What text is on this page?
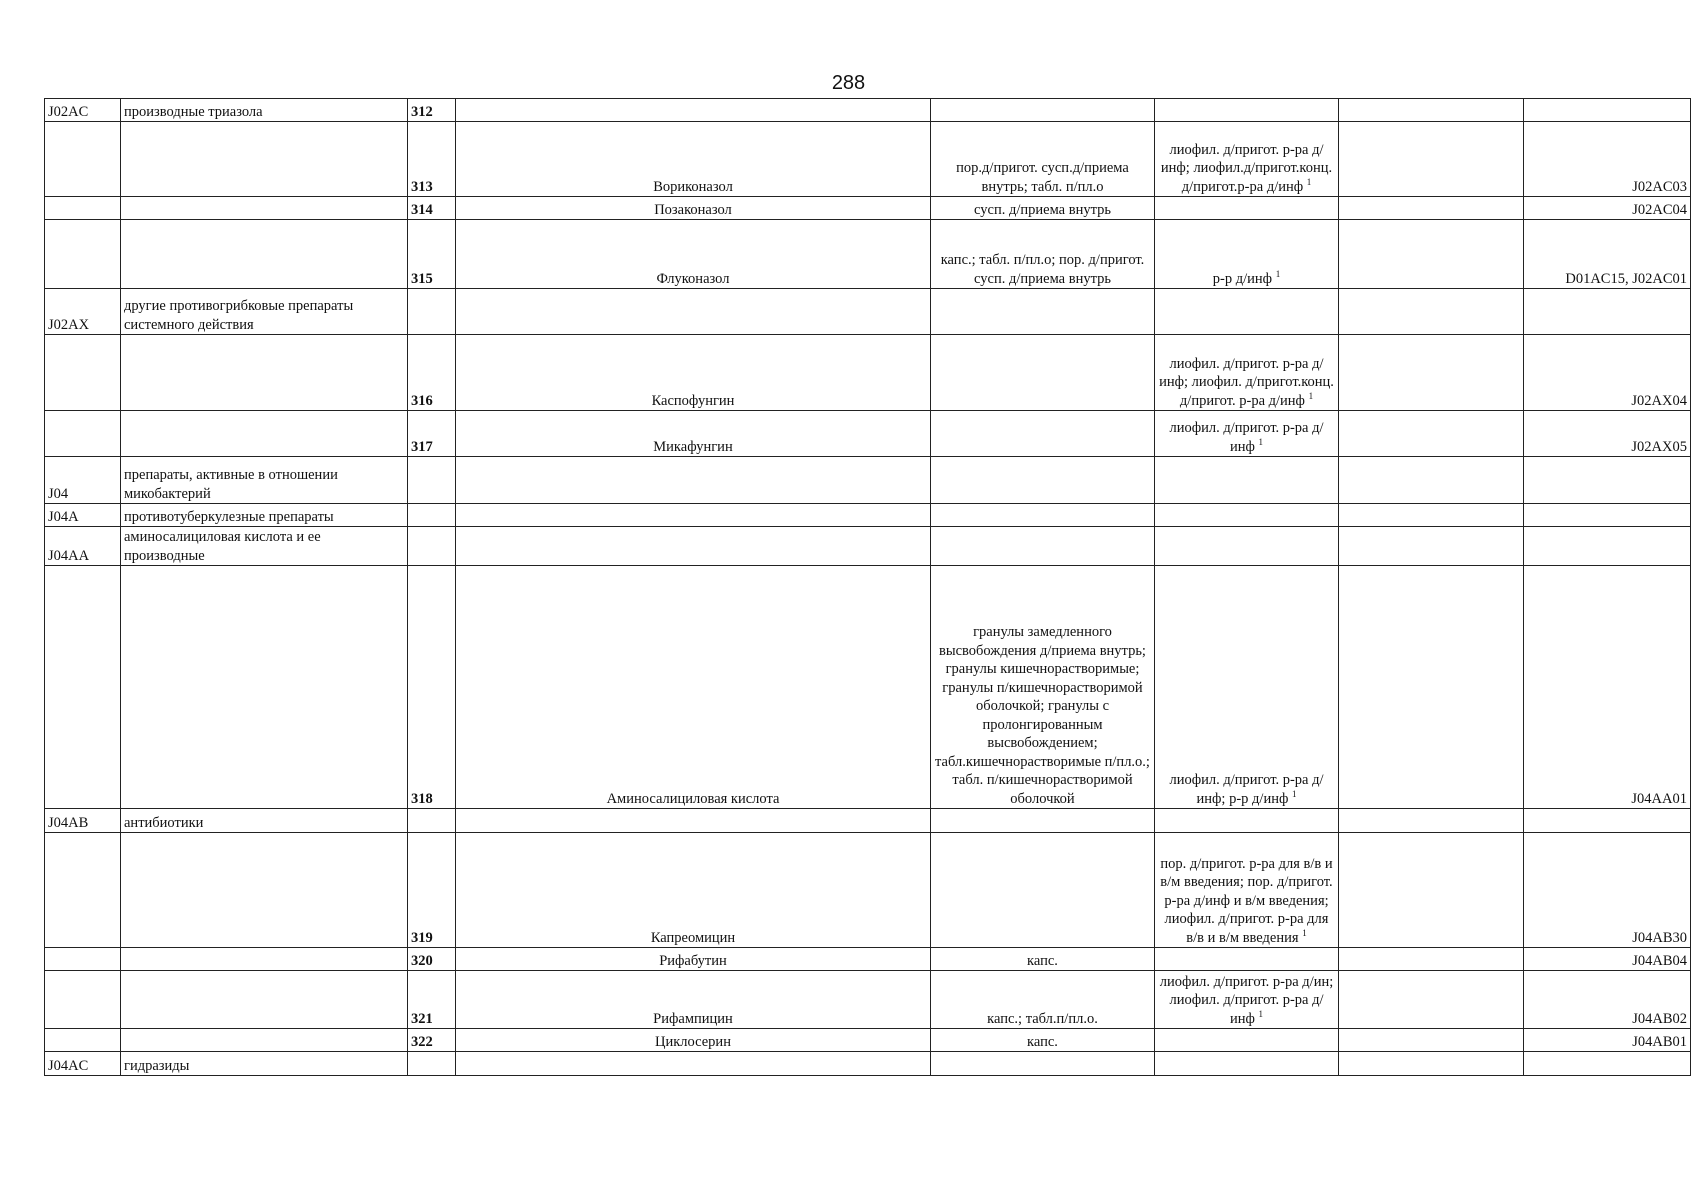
288
J02AC	производные триазола	312					
		313	Вориконазол	пор.д/пригот. сусп.д/приема внутрь; табл. п/пл.о	лиофил. д/пригот. р-ра д/инф; лиофил.д/пригот.конц. д/пригот.р-ра д/инф $^1$		J02AC03
		314	Позаконазол	сусп. д/приема внутрь			J02AC04
		315	Флуконазол	капс.; табл. п/пл.о; пор. д/пригот. сусп. д/приема внутрь	р-р д/инф $^1$		D01AC15, J02AC01
J02AX	другие противогрибковые препараты системного действия						
		316	Каспофунгин		лиофил. д/пригот. р-ра д/инф; лиофил. д/пригот.конц. д/пригот. р-ра д/инф $^1$		J02AX04
		317	Микафунгин		лиофил. д/пригот. р-ра д/инф $^1$		J02AX05
J04	препараты, активные в отношении микобактерий						
J04A	противотуберкулезные препараты						
J04AA	аминосалициловая кислота и ее производные						
		318	Аминосалициловая кислота	гранулы замедленного высвобождения д/приема внутрь; гранулы кишечнорастворимые; гранулы п/кишечнорастворимой оболочкой; гранулы с пролонгированным высвобождением; табл.кишечнорастворимые п/пл.о.; табл. п/кишечнорастворимой оболочкой	лиофил. д/пригот. р-ра д/инф; р-р д/инф $^1$		J04AA01
J04AB	антибиотики						
		319	Капреомицин		пор. д/пригот. р-ра для в/в и в/м введения; пор. д/пригот. р-ра д/инф и в/м введения; лиофил. д/пригот. р-ра для в/в и в/м введения $^1$		J04AB30
		320	Рифабутин	капс.			J04AB04
		321	Рифампицин	капс.; табл.п/пл.о.	лиофил. д/пригот. р-ра д/ин; лиофил. д/пригот. р-ра д/инф $^1$		J04AB02
		322	Циклосерин	капс.			J04AB01
J04AC	гидразиды						
